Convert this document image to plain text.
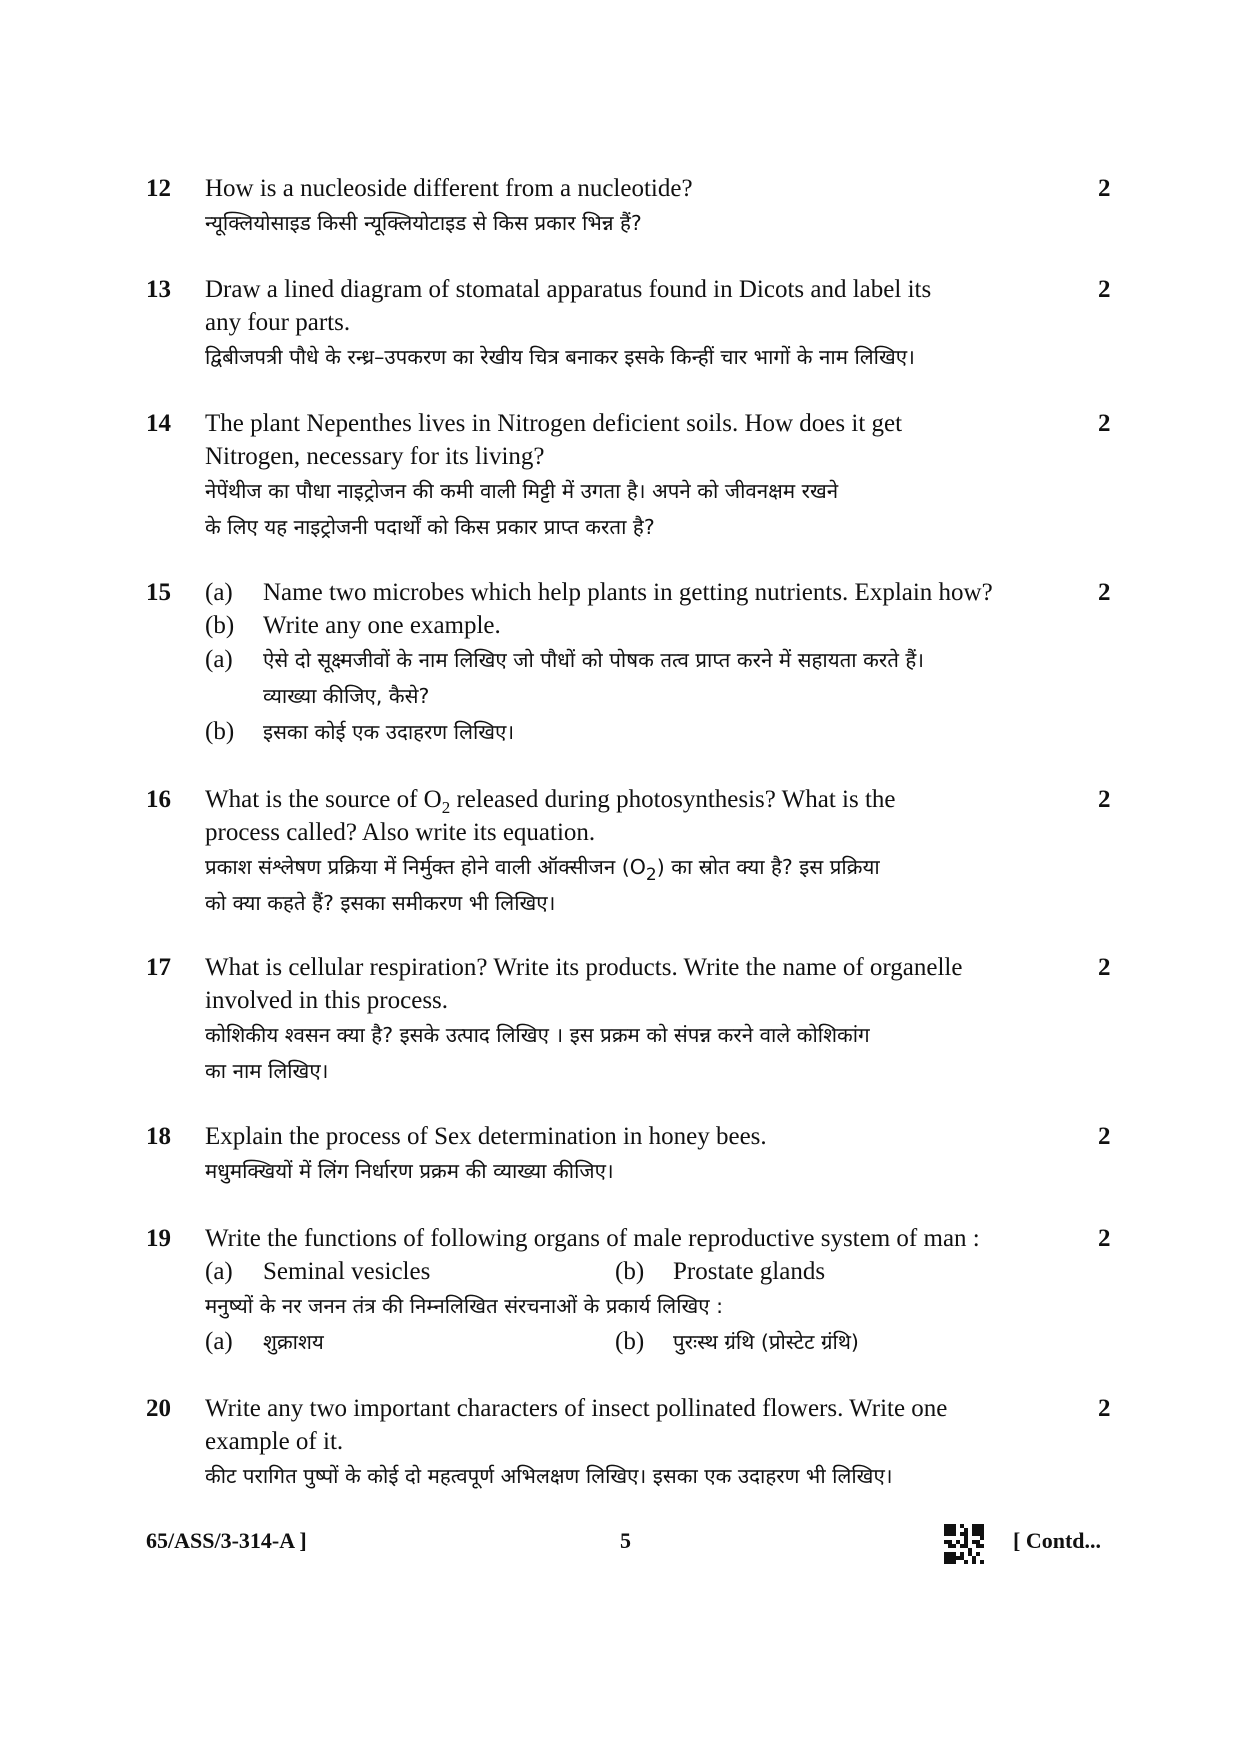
12 How is a nucleoside different from a nucleotide?

न्यूक्लियोसाइड किसी न्यूक्लियोटाइड से किस प्रकार भिन्न हैं?

2
13 Draw a lined diagram of stomatal apparatus found in Dicots and label its

any four parts.

द्विबीजपत्री पौधे के रन्ध्र–उपकरण का रेखीय चित्र बनाकर इसके किन्हीं चार भागों के नाम लिखिए।

2
14 The plant Nepenthes lives in Nitrogen deficient soils. How does it get

Nitrogen, necessary for its living?

नेपेंथीज का पौधा नाइट्रोजन की कमी वाली मिट्टी में उगता है। अपने को जीवनक्षम रखने

के लिए यह नाइट्रोजनी पदार्थों को किस प्रकार प्राप्त करता है?

2
15 (a)	Name two microbes which help plants in getting nutrients. Explain how?
(b)	Write any one example.
(a)	ऐसे दो सूक्ष्मजीवों के नाम लिखिए जो पौधों को पोषक तत्व प्राप्त करने में सहायता करते हैं।
व्याख्या कीजिए, कैसे?
(b)	इसका कोई एक उदाहरण लिखिए।
2
16 What is the source of $O_2$ released during photosynthesis? What is the

process called? Also write its equation.

प्रकाश संश्लेषण प्रक्रिया में निर्मुक्त होने वाली ऑक्सीजन $(O_2)$ का स्रोत क्या है? इस प्रक्रिया

को क्या कहते हैं? इसका समीकरण भी लिखिए।

2
17 What is cellular respiration? Write its products. Write the name of organelle

involved in this process.

कोशिकीय श्वसन क्या है? इसके उत्पाद लिखिए । इस प्रक्रम को संपन्न करने वाले कोशिकांग

का नाम लिखिए।

2
18 Explain the process of Sex determination in honey bees.

मधुमक्खियों में लिंग निर्धारण प्रक्रम की व्याख्या कीजिए।

2
19 Write the functions of following organs of male reproductive system of man :

(a)	Seminal vesicles	(b)	Prostate glands

मनुष्यों के नर जनन तंत्र की निम्नलिखित संरचनाओं के प्रकार्य लिखिए :

(a)	शुक्राशय	(b)	पुरःस्थ ग्रंथि (प्रोस्टेट ग्रंथि)
2
20 Write any two important characters of insect pollinated flowers. Write one

example of it.

कीट परागित पुष्पों के कोई दो महत्वपूर्ण अभिलक्षण लिखिए। इसका एक उदाहरण भी लिखिए।

2
65/ASS/3-314-A ]	5	[ Contd...
